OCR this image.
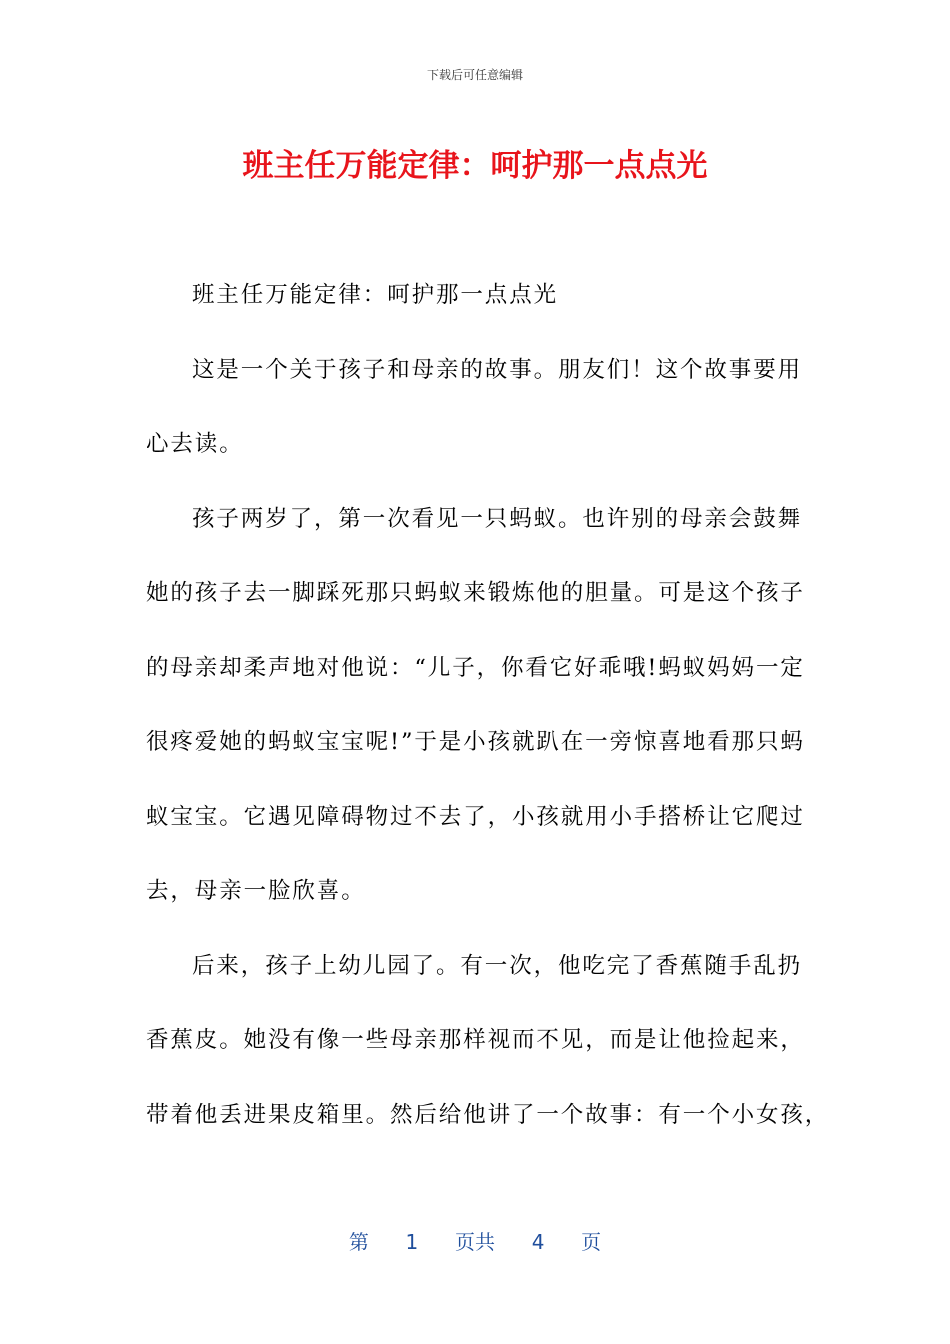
下载后可任意编辑
班主任万能定律：呵护那一点点光
班主任万能定律：呵护那一点点光
这是一个关于孩子和母亲的故事。朋友们！这个故事要用
心去读。
孩子两岁了，第一次看见一只蚂蚁。也许别的母亲会鼓舞
她的孩子去一脚踩死那只蚂蚁来锻炼他的胆量。可是这个孩子
的母亲却柔声地对他说：“儿子，你看它好乖哦!蚂蚁妈妈一定
很疼爱她的蚂蚁宝宝呢!”于是小孩就趴在一旁惊喜地看那只蚂
蚁宝宝。它遇见障碍物过不去了，小孩就用小手搭桥让它爬过
去，母亲一脸欣喜。
后来，孩子上幼儿园了。有一次，他吃完了香蕉随手乱扔
香蕉皮。她没有像一些母亲那样视而不见，而是让他捡起来，
带着他丢进果皮箱里。然后给他讲了一个故事：有一个小女孩，
第 1 页共 4 页
